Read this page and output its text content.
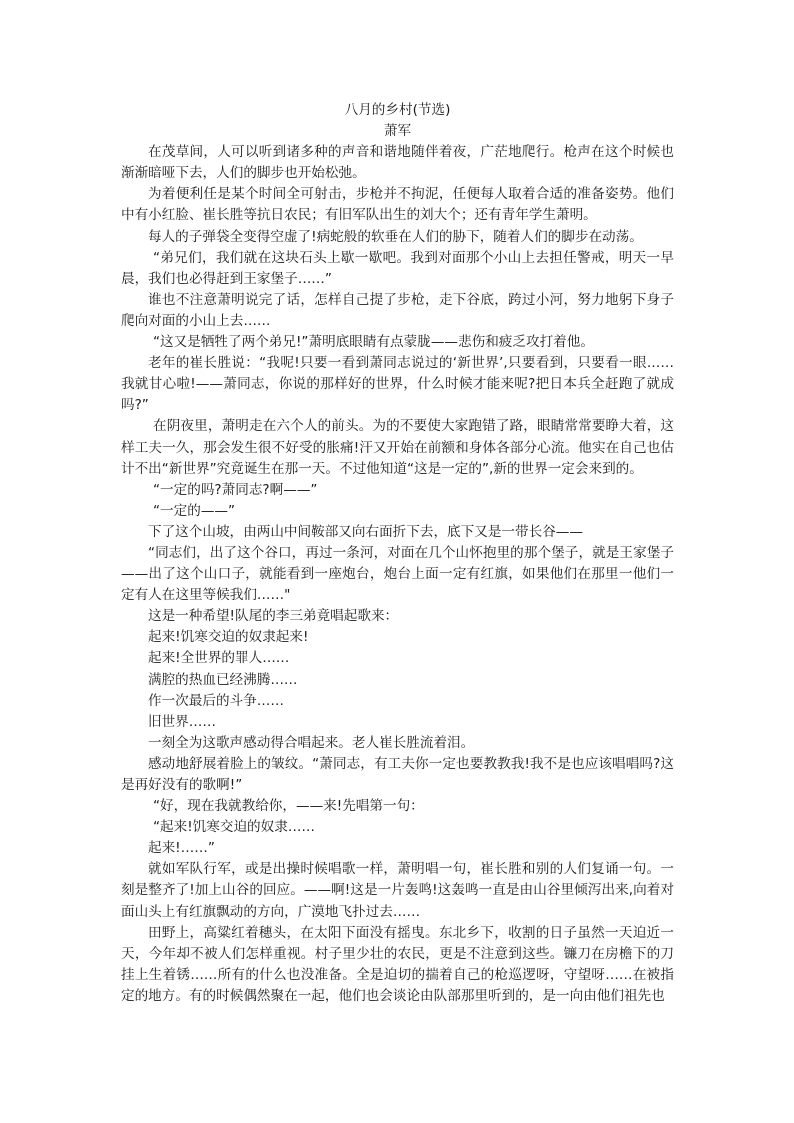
八月的乡村(节选)

萧军

在茂草间，人可以听到诸多种的声音和谐地随伴着夜，广茫地爬行。枪声在这个时候也渐渐暗哑下去，人们的脚步也开始松弛。

为着便利任是某个时间全可射击，步枪并不拘泥，任便每人取着合适的准备姿势。他们中有小红脸、崔长胜等抗日农民；有旧军队出生的刘大个；还有青年学生萧明。

每人的子弹袋全变得空虚了!病蛇般的软垂在人们的胁下，随着人们的脚步在动荡。

“弟兄们，我们就在这块石头上歇一歇吧。我到对面那个小山上去担任警戒，明天一早晨，我们也必得赶到王家堡子……”

谁也不注意萧明说完了话，怎样自己提了步枪，走下谷底，跨过小河，努力地躬下身子爬向对面的小山上去……

“这又是牺牲了两个弟兄!”萧明底眼睛有点蒙胧——悲伤和疲乏攻打着他。

老年的崔长胜说：“我呢!只要一看到萧同志说过的‘新世界’,只要看到，只要看一眼……我就甘心啦!——萧同志，你说的那样好的世界，什么时候才能来呢?把日本兵全赶跑了就成吗?”

在阴夜里，萧明走在六个人的前头。为的不要使大家跑错了路，眼睛常常要睁大着，这样工夫一久，那会发生很不好受的胀痛!汗又开始在前额和身体各部分心流。他实在自己也估计不出“新世界”究竟诞生在那一天。不过他知道“这是一定的”,新的世界一定会来到的。

“一定的吗?萧同志?啊——”

“一定的——”

下了这个山坡，由两山中间鞍部又向右面折下去，底下又是一带长谷——

“同志们，出了这个谷口，再过一条河，对面在几个山怀抱里的那个堡子，就是王家堡子——出了这个山口子，就能看到一座炮台，炮台上面一定有红旗，如果他们在那里一他们一定有人在这里等候我们……"

这是一种希望!队尾的李三弟竟唱起歌来：

起来!饥寒交迫的奴隶起来!

起来!全世界的罪人……

满腔的热血已经沸腾……

作一次最后的斗争……

旧世界……

一刻全为这歌声感动得合唱起来。老人崔长胜流着泪。

感动地舒展着脸上的皱纹。“萧同志，有工夫你一定也要教教我!我不是也应该唱唱吗?这是再好没有的歌啊!”

“好，现在我就教给你，——来!先唱第一句：

“起来!饥寒交迫的奴隶……

起来!……”

就如军队行军，或是出操时候唱歌一样，萧明唱一句，崔长胜和别的人们复诵一句。一刻是整齐了!加上山谷的回应。——啊!这是一片轰鸣!这轰鸣一直是由山谷里倾泻出来,向着对面山头上有红旗飘动的方向，广漠地飞扑过去……

田野上，高粱红着穗头，在太阳下面没有摇曳。东北乡下，收割的日子虽然一天迫近一天，今年却不被人们怎样重视。村子里少壮的农民，更是不注意到这些。镰刀在房檐下的刀挂上生着锈……所有的什么也没准备。全是迫切的揣着自己的枪巡逻呀，守望呀……在被指定的地方。有的时候偶然聚在一起，他们也会谈论由队部那里听到的，是一向由他们祖先也
